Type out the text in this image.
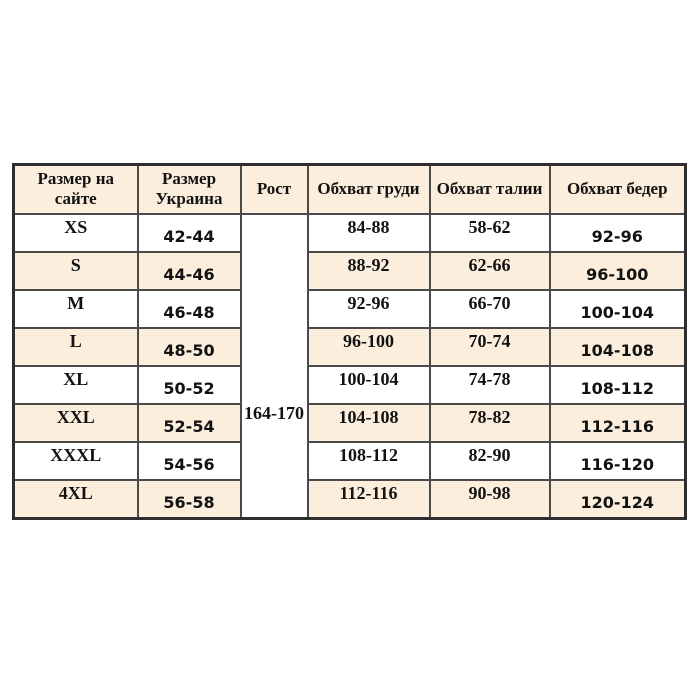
Размер на сайте	Размер Украина	Рост	Обхват груди	Обхват талии	Обхват бедер
XS	42-44	164-170	84-88	58-62	92-96
S	44-46		88-92	62-66	96-100
M	46-48		92-96	66-70	100-104
L	48-50		96-100	70-74	104-108
XL	50-52		100-104	74-78	108-112
XXL	52-54		104-108	78-82	112-116
XXXL	54-56		108-112	82-90	116-120
4XL	56-58		112-116	90-98	120-124
